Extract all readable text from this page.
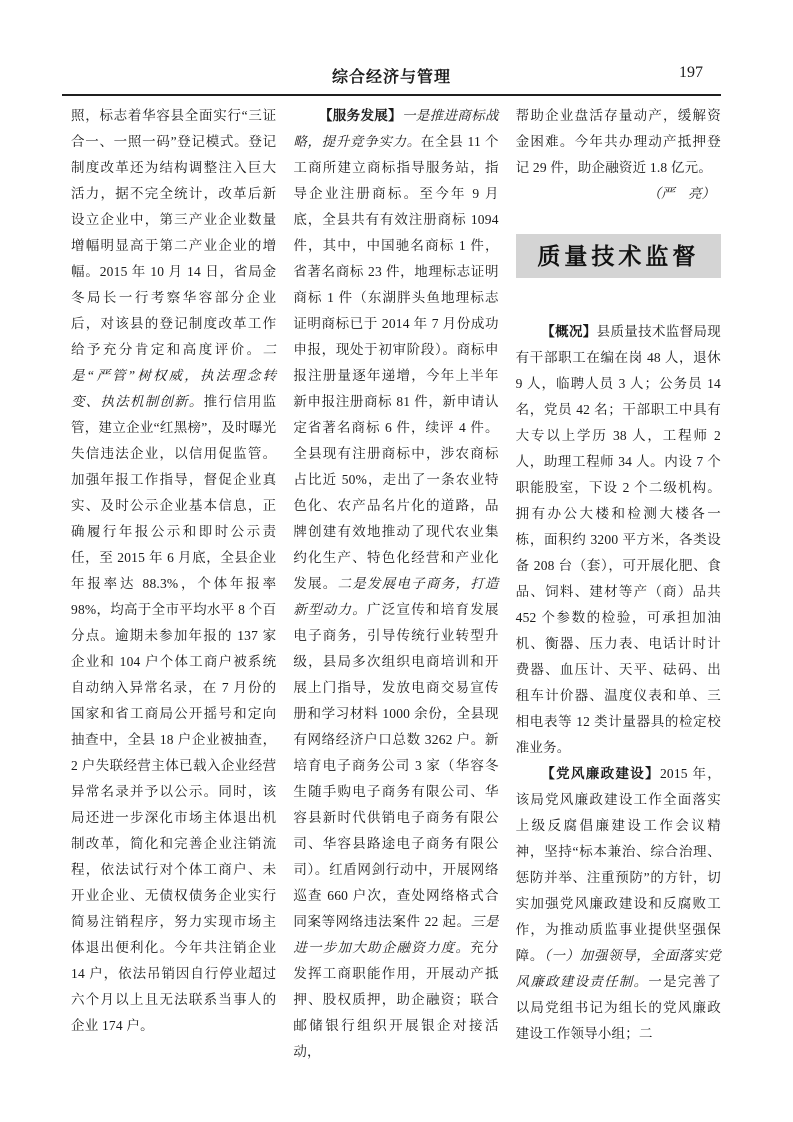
综合经济与管理	197

照，标志着华容县全面实行“三证合一、一照一码”登记模式。登记制度改革还为结构调整注入巨大活力，据不完全统计，改革后新设立企业中，第三产业企业数量增幅明显高于第二产业企业的增幅。2015 年 10 月 14 日，省局金冬局长一行考察华容部分企业后，对该县的登记制度改革工作给予充分肯定和高度评价。二是“严管”树权威，执法理念转变、执法机制创新。推行信用监管，建立企业“红黑榜”，及时曝光失信违法企业，以信用促监管。加强年报工作指导，督促企业真实、及时公示企业基本信息，正确履行年报公示和即时公示责任，至 2015 年 6 月底，全县企业年报率达 88.3%，个体年报率 98%，均高于全市平均水平 8 个百分点。逾期未参加年报的 137 家企业和 104 户个体工商户被系统自动纳入异常名录，在 7 月份的国家和省工商局公开摇号和定向抽查中，全县 18 户企业被抽查，2 户失联经营主体已载入企业经营异常名录并予以公示。同时，该局还进一步深化市场主体退出机制改革，简化和完善企业注销流程，依法试行对个体工商户、未开业企业、无债权债务企业实行简易注销程序，努力实现市场主体退出便利化。今年共注销企业 14 户，依法吊销因自行停业超过六个月以上且无法联系当事人的企业 174 户。

【服务发展】一是推进商标战略，提升竞争实力。在全县 11 个工商所建立商标指导服务站，指导企业注册商标。至今年 9 月底，全县共有有效注册商标 1094 件，其中，中国驰名商标 1 件，省著名商标 23 件，地理标志证明商标 1 件（东湖胖头鱼地理标志证明商标已于 2014 年 7 月份成功申报，现处于初审阶段）。商标申报注册量逐年递增，今年上半年新申报注册商标 81 件，新申请认定省著名商标 6 件，续评 4 件。全县现有注册商标中，涉农商标占比近 50%，走出了一条农业特色化、农产品名片化的道路，品牌创建有效地推动了现代农业集约化生产、特色化经营和产业化发展。二是发展电子商务，打造新型动力。广泛宣传和培育发展电子商务，引导传统行业转型升级，县局多次组织电商培训和开展上门指导，发放电商交易宣传册和学习材料 1000 余份，全县现有网络经济户口总数 3262 户。新培育电子商务公司 3 家（华容冬生随手购电子商务有限公司、华容县新时代供销电子商务有限公司、华容县路途电子商务有限公司）。红盾网剑行动中，开展网络巡查 660 户次，查处网络格式合同案等网络违法案件 22 起。三是进一步加大助企融资力度。充分发挥工商职能作用，开展动产抵押、股权质押，助企融资；联合邮储银行组织开展银企对接活动，

帮助企业盘活存量动产，缓解资金困难。今年共办理动产抵押登记 29 件，助企融资近 1.8 亿元。

（严　亮）
质量技术监督

【概况】县质量技术监督局现有干部职工在编在岗 48 人，退休 9 人，临聘人员 3 人；公务员 14 名，党员 42 名；干部职工中具有大专以上学历 38 人，工程师 2 人，助理工程师 34 人。内设 7 个职能股室，下设 2 个二级机构。拥有办公大楼和检测大楼各一栋，面积约 3200 平方米，各类设备 208 台（套），可开展化肥、食品、饲料、建材等产（商）品共 452 个参数的检验，可承担加油机、衡器、压力表、电话计时计费器、血压计、天平、砝码、出租车计价器、温度仪表和单、三相电表等 12 类计量器具的检定校准业务。

【党风廉政建设】2015 年，该局党风廉政建设工作全面落实上级反腐倡廉建设工作会议精神，坚持“标本兼治、综合治理、惩防并举、注重预防”的方针，切实加强党风廉政建设和反腐败工作，为推动质监事业提供坚强保障。（一）加强领导，全面落实党风廉政建设责任制。一是完善了以局党组书记为组长的党风廉政建设工作领导小组；二
